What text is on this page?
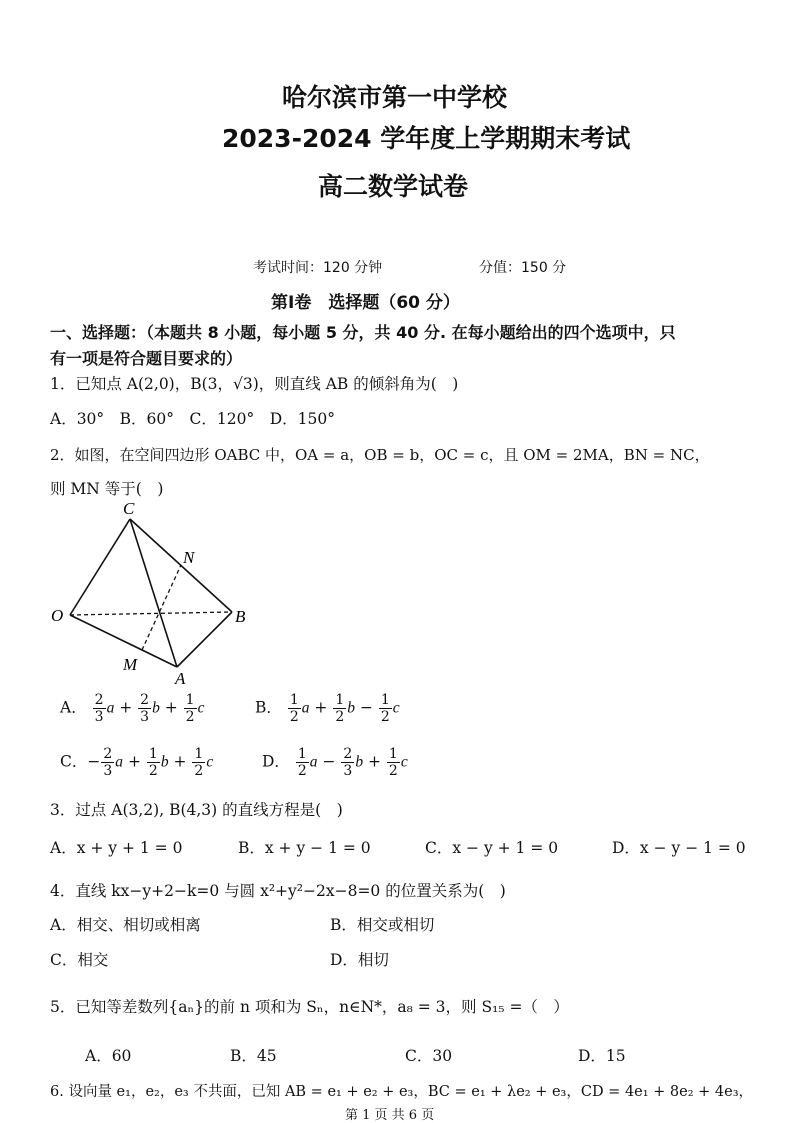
哈尔滨市第一中学校
2023-2024 学年度上学期期末考试
高二数学试卷
考试时间：120 分钟	分值：150 分
第Ⅰ卷　选择题（60 分）
一、选择题：（本题共 8 小题，每小题 5 分，共 40 分. 在每小题给出的四个选项中，只
有一项是符合题目要求的）
1．已知点 A(2,0)，B(3，√3)，则直线 AB 的倾斜角为(　)
A．30°　B．60°　C．120°　D．150°
2．如图，在空间四边形 OABC 中，OA = a，OB = b，OC = c，且 OM = 2MA，BN = NC，
则 MN 等于(　)
C
N
O	B
M
A
A． $\frac{2}{3}$ $a + \frac{2}{3}$ $b + \frac{1}{2}$ c	B． $\frac{1}{2}$ $a + \frac{1}{2}$ $b - \frac{1}{2}$ c
C．− $\frac{2}{3}$ $a + \frac{1}{2}$ $b + \frac{1}{2}$ c	D． $\frac{1}{2}$ $a - \frac{2}{3}$ $b + \frac{1}{2}$ c
3．过点 A(3,2), B(4,3) 的直线方程是(　)
A．x + y + 1 = 0	B．x + y − 1 = 0	C．x − y + 1 = 0	D．x − y − 1 = 0
4．直线 kx−y+2−k=0 与圆 x²+y²−2x−8=0 的位置关系为(　)
A．相交、相切或相离	B．相交或相切
C．相交	D．相切
5．已知等差数列{aₙ}的前 n 项和为 Sₙ，n∈N*，a₈ = 3，则 S₁₅ =（　）
A．60	B．45	C．30	D．15
6. 设向量 e₁，e₂，e₃ 不共面，已知 AB = e₁ + e₂ + e₃，BC = e₁ + λe₂ + e₃，CD = 4e₁ + 8e₂ + 4e₃，
第 1 页 共 6 页
